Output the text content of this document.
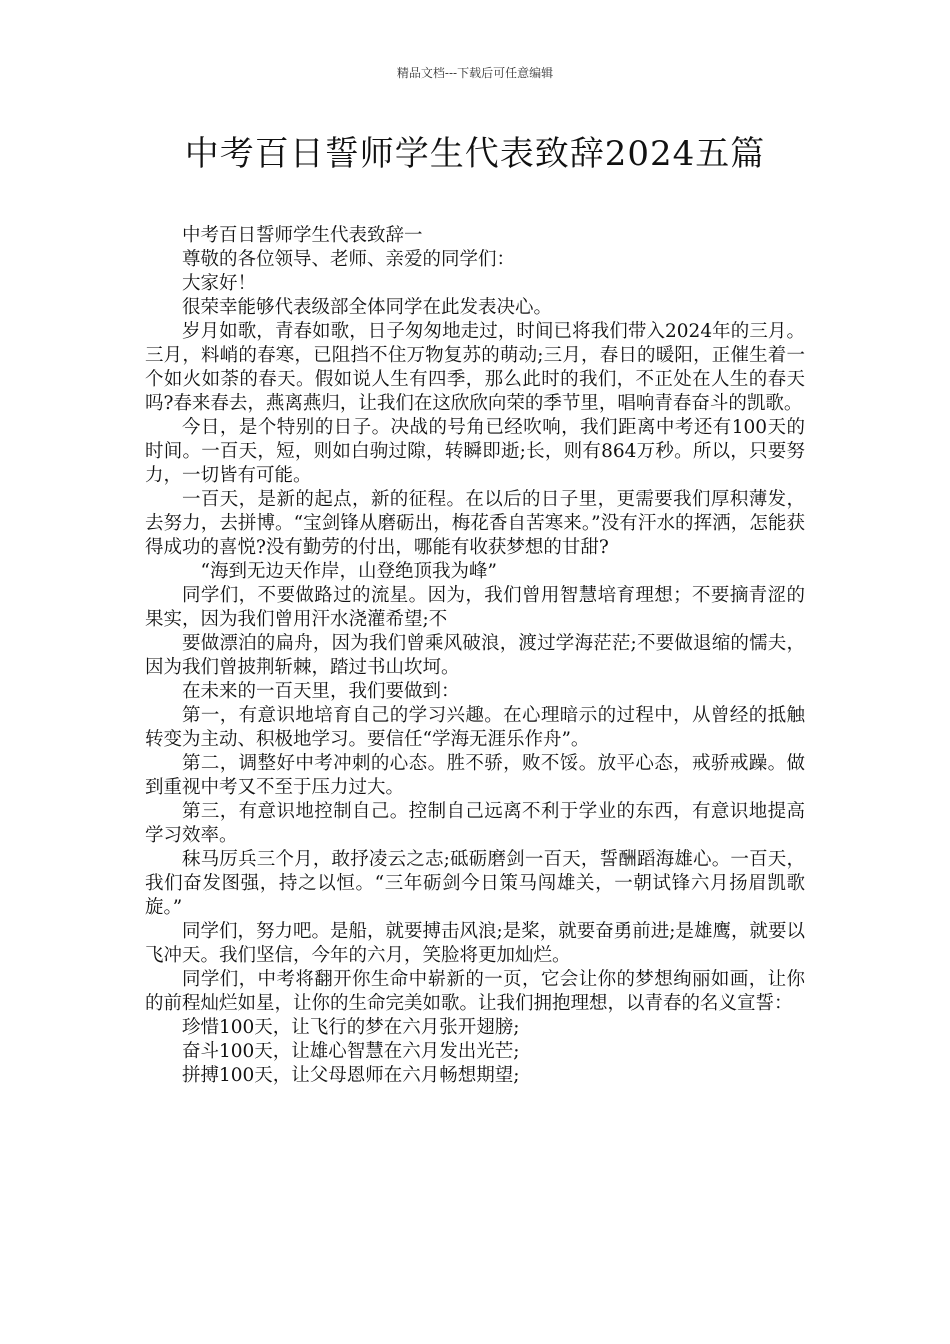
精品文档---下载后可任意编辑
中考百日誓师学生代表致辞2024五篇

中考百日誓师学生代表致辞一

尊敬的各位领导、老师、亲爱的同学们：

大家好！

很荣幸能够代表级部全体同学在此发表决心。

岁月如歌，青春如歌，日子匆匆地走过，时间已将我们带入2024年的三月。三月，料峭的春寒，已阻挡不住万物复苏的萌动;三月，春日的暖阳，正催生着一个如火如荼的春天。假如说人生有四季，那么此时的我们，不正处在人生的春天吗?春来春去，燕离燕归，让我们在这欣欣向荣的季节里，唱响青春奋斗的凯歌。

今日，是个特别的日子。决战的号角已经吹响，我们距离中考还有100天的时间。一百天，短，则如白驹过隙，转瞬即逝;长，则有864万秒。所以，只要努力，一切皆有可能。

一百天，是新的起点，新的征程。在以后的日子里，更需要我们厚积薄发，去努力，去拼博。“宝剑锋从磨砺出，梅花香自苦寒来。”没有汗水的挥洒，怎能获得成功的喜悦?没有勤劳的付出，哪能有收获梦想的甘甜?

“海到无边天作岸，山登绝顶我为峰”

同学们，不要做路过的流星。因为，我们曾用智慧培育理想；不要摘青涩的果实，因为我们曾用汗水浇灌希望;不

要做漂泊的扁舟，因为我们曾乘风破浪，渡过学海茫茫;不要做退缩的懦夫，因为我们曾披荆斩棘，踏过书山坎坷。

在未来的一百天里，我们要做到：

第一，有意识地培育自己的学习兴趣。在心理暗示的过程中，从曾经的抵触转变为主动、积极地学习。要信任“学海无涯乐作舟”。

第二，调整好中考冲刺的心态。胜不骄，败不馁。放平心态，戒骄戒躁。做到重视中考又不至于压力过大。

第三，有意识地控制自己。控制自己远离不利于学业的东西，有意识地提高学习效率。

秣马厉兵三个月，敢抒凌云之志;砥砺磨剑一百天，誓酬蹈海雄心。一百天，我们奋发图强，持之以恒。“三年砺剑今日策马闯雄关，一朝试锋六月扬眉凯歌旋。”

同学们，努力吧。是船，就要搏击风浪;是桨，就要奋勇前进;是雄鹰，就要以飞冲天。我们坚信，今年的六月，笑脸将更加灿烂。

同学们，中考将翻开你生命中崭新的一页，它会让你的梦想绚丽如画，让你的前程灿烂如星，让你的生命完美如歌。让我们拥抱理想，以青春的名义宣誓：

珍惜100天，让飞行的梦在六月张开翅膀;

奋斗100天，让雄心智慧在六月发出光芒;

拼搏100天，让父母恩师在六月畅想期望;
